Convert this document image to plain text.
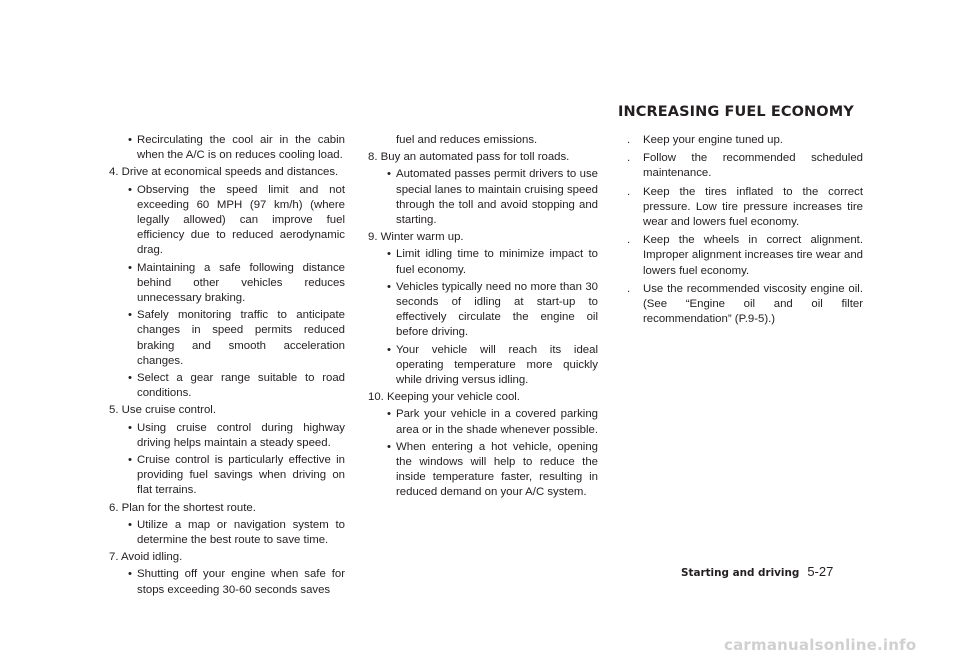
INCREASING FUEL ECONOMY
• Recirculating the cool air in the cabin when the A/C is on reduces cooling load.
4. Drive at economical speeds and distances.
• Observing the speed limit and not exceeding 60 MPH (97 km/h) (where legally allowed) can improve fuel efficiency due to reduced aerodynamic drag.
• Maintaining a safe following distance behind other vehicles reduces unnecessary braking.
• Safely monitoring traffic to anticipate changes in speed permits reduced braking and smooth acceleration changes.
• Select a gear range suitable to road conditions.
5. Use cruise control.
• Using cruise control during highway driving helps maintain a steady speed.
• Cruise control is particularly effective in providing fuel savings when driving on flat terrains.
6. Plan for the shortest route.
• Utilize a map or navigation system to determine the best route to save time.
7. Avoid idling.
• Shutting off your engine when safe for stops exceeding 30-60 seconds saves
fuel and reduces emissions.
8. Buy an automated pass for toll roads.
• Automated passes permit drivers to use special lanes to maintain cruising speed through the toll and avoid stopping and starting.
9. Winter warm up.
• Limit idling time to minimize impact to fuel economy.
• Vehicles typically need no more than 30 seconds of idling at start-up to effectively circulate the engine oil before driving.
• Your vehicle will reach its ideal operating temperature more quickly while driving versus idling.
10. Keeping your vehicle cool.
• Park your vehicle in a covered parking area or in the shade whenever possible.
• When entering a hot vehicle, opening the windows will help to reduce the inside temperature faster, resulting in reduced demand on your A/C system.
. Keep your engine tuned up.
. Follow the recommended scheduled maintenance.
. Keep the tires inflated to the correct pressure. Low tire pressure increases tire wear and lowers fuel economy.
. Keep the wheels in correct alignment. Improper alignment increases tire wear and lowers fuel economy.
. Use the recommended viscosity engine oil. (See “Engine oil and oil filter recommendation” (P.9-5).)
Starting and driving 5-27
carmanualsonline.info
